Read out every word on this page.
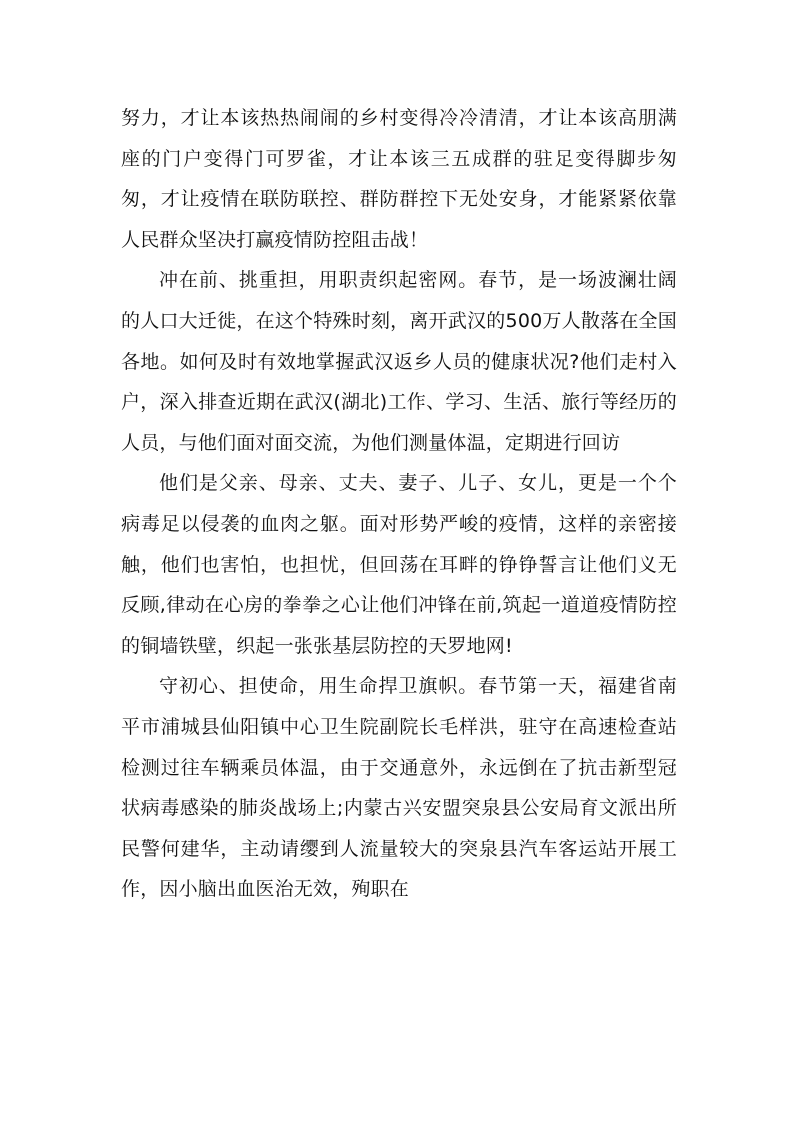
努力，才让本该热热闹闹的乡村变得冷冷清清，才让本该高朋满座的门户变得门可罗雀，才让本该三五成群的驻足变得脚步匆匆，才让疫情在联防联控、群防群控下无处安身，才能紧紧依靠人民群众坚决打赢疫情防控阻击战！

冲在前、挑重担，用职责织起密网。春节，是一场波澜壮阔的人口大迁徙，在这个特殊时刻，离开武汉的500万人散落在全国各地。如何及时有效地掌握武汉返乡人员的健康状况?他们走村入户，深入排查近期在武汉(湖北)工作、学习、生活、旅行等经历的人员，与他们面对面交流，为他们测量体温，定期进行回访

他们是父亲、母亲、丈夫、妻子、儿子、女儿，更是一个个病毒足以侵袭的血肉之躯。面对形势严峻的疫情，这样的亲密接触，他们也害怕，也担忧，但回荡在耳畔的铮铮誓言让他们义无反顾,律动在心房的拳拳之心让他们冲锋在前,筑起一道道疫情防控的铜墙铁壁，织起一张张基层防控的天罗地网!

守初心、担使命，用生命捍卫旗帜。春节第一天，福建省南平市浦城县仙阳镇中心卫生院副院长毛样洪，驻守在高速检查站检测过往车辆乘员体温，由于交通意外，永远倒在了抗击新型冠状病毒感染的肺炎战场上;内蒙古兴安盟突泉县公安局育文派出所民警何建华，主动请缨到人流量较大的突泉县汽车客运站开展工作，因小脑出血医治无效，殉职在
